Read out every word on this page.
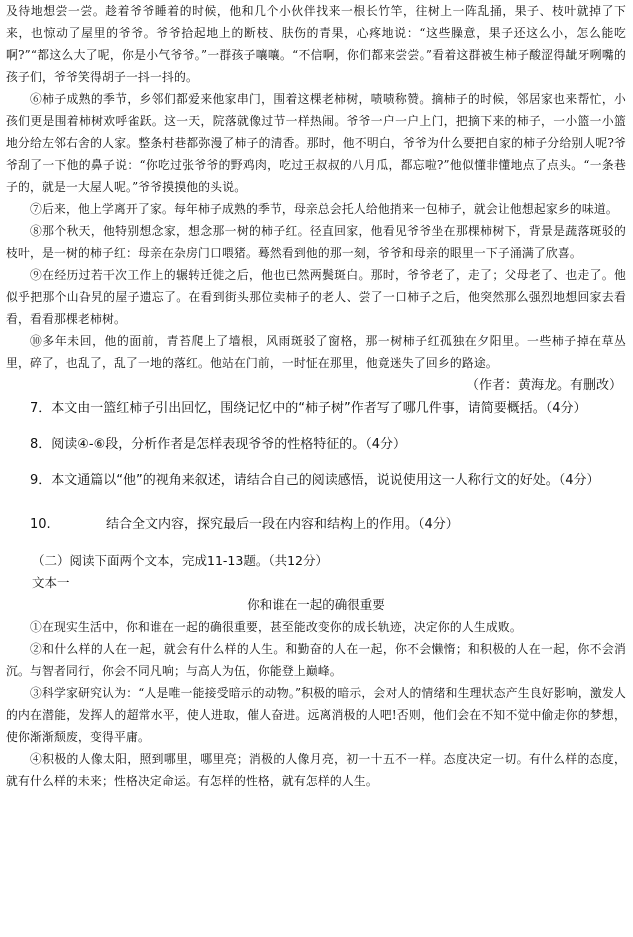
及待地想尝一尝。趁着爷爷睡着的时候，他和几个小伙伴找来一根长竹竿，往树上一阵乱捅，果子、枝叶就掉了下来，也惊动了屋里的爷爷。爷爷拾起地上的断枝、肤伤的青果，心疼地说：“这些臊意，果子还这么小，怎么能吃啊?”“都这么大了呢，你是小气爷爷。”一群孩子嚷嚷。“不信啊，你们都来尝尝。”看着这群被生柿子酸涩得龇牙咧嘴的孩子们，爷爷笑得胡子一抖一抖的。

⑥柿子成熟的季节，乡邻们都爱来他家串门，围着这棵老柿树，啧啧称赞。摘柿子的时候，邻居家也来帮忙，小孩们更是围着柿树欢呼雀跃。这一天，院落就像过节一样热闹。爷爷一户一户上门，把摘下来的柿子，一小篮一小篮地分给左邻右舍的人家。整条村巷都弥漫了柿子的清香。那时，他不明白，爷爷为什么要把自家的柿子分给别人呢?爷爷刮了一下他的鼻子说：“你吃过张爷爷的野鸡肉，吃过王叔叔的八月瓜，都忘啦?”他似懂非懂地点了点头。“一条巷子的，就是一大屋人呢。”爷爷摸摸他的头说。

⑦后来，他上学离开了家。每年柿子成熟的季节，母亲总会托人给他捎来一包柿子，就会让他想起家乡的味道。

⑧那个秋天，他特别想念家，想念那一树的柿子红。径直回家，他看见爷爷坐在那棵柿树下，背景是蔬落斑驳的枝叶，是一树的柿子红：母亲在杂房门口喂猪。蓦然看到他的那一刻，爷爷和母亲的眼里一下子涌满了欣喜。

⑨在经历过若干次工作上的辗转迁徙之后，他也已然两鬓斑白。那时，爷爷老了，走了；父母老了、也走了。他似乎把那个山旮旯的屋子遗忘了。在看到街头那位卖柿子的老人、尝了一口柿子之后，他突然那么强烈地想回家去看看，看看那棵老柿树。

⑩多年未回，他的面前，青苔爬上了墙根，风雨斑驳了窗格，那一树柿子红孤独在夕阳里。一些柿子掉在草丛里，碎了，也乱了，乱了一地的落红。他站在门前，一时怔在那里，他竟迷失了回乡的路途。

（作者：黄海龙。有删改）

7．本文由一篮红柿子引出回忆，围绕记忆中的“柿子树”作者写了哪几件事，请简要概括。（4分）

8．阅读④-⑥段，分析作者是怎样表现爷爷的性格特征的。（4分）

9．本文通篇以“他”的视角来叙述，请结合自己的阅读感悟，说说使用这一人称行文的好处。（4分）

10.	结合全文内容，探究最后一段在内容和结构上的作用。（4分）

（二）阅读下面两个文本，完成11-13题。（共12分）

文本一

你和谁在一起的确很重要

①在现实生活中，你和谁在一起的确很重要，甚至能改变你的成长轨迹，决定你的人生成败。

②和什么样的人在一起，就会有什么样的人生。和勤奋的人在一起，你不会懒惰；和积极的人在一起，你不会消沉。与智者同行，你会不同凡响；与高人为伍，你能登上巅峰。

③科学家研究认为：“人是唯一能接受暗示的动物。”积极的暗示，会对人的情绪和生理状态产生良好影响，激发人的内在潜能，发挥人的超常水平，使人进取，催人奋进。远离消极的人吧!否则，他们会在不知不觉中偷走你的梦想，使你渐渐颓废，变得平庸。

④积极的人像太阳，照到哪里，哪里亮；消极的人像月亮，初一十五不一样。态度决定一切。有什么样的态度，就有什么样的未来；性格决定命运。有怎样的性格，就有怎样的人生。
